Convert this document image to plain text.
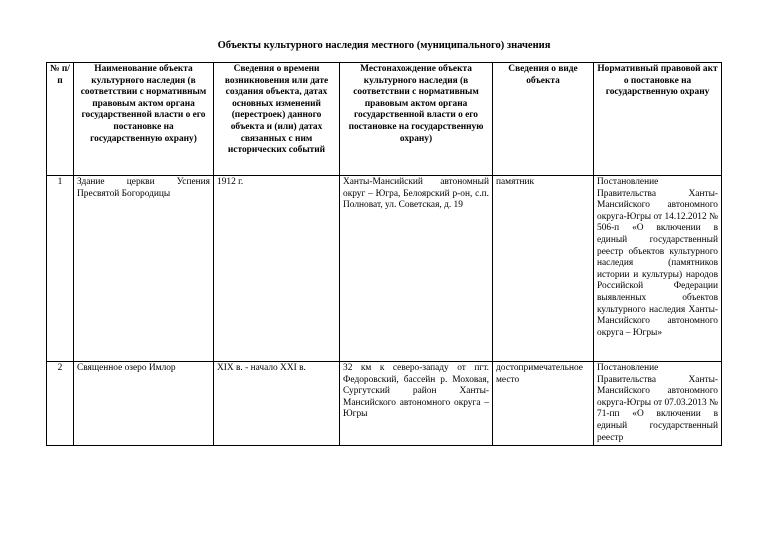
Объекты культурного наследия местного (муниципального) значения
№ п/п	Наименование объекта культурного наследия (в соответствии с нормативным правовым актом органа государственной власти о его постановке на государственную охрану)	Сведения о времени возникновения или дате создания объекта, датах основных изменений (перестроек) данного объекта и (или) датах связанных с ним исторических событий	Местонахождение объекта культурного наследия (в соответствии с нормативным правовым актом органа государственной власти о его постановке на государственную охрану)	Сведения о виде объекта	Нормативный правовой акт о постановке на государственную охрану
1	Здание церкви Успения Пресвятой Богородицы	1912 г.	Ханты-Мансийский автономный округ – Югра, Белоярский р-он, с.п. Полноват, ул. Советская, д. 19	памятник	Постановление Правительства Ханты-Мансийского автономного округа-Югры от 14.12.2012 № 506-п «О включении в единый государственный реестр объектов культурного наследия (памятников истории и культуры) народов Российской Федерации выявленных объектов культурного наследия Ханты-Мансийского автономного округа – Югры»
2	Священное озеро Имлор	XIX в. - начало XXI в.	32 км к северо-западу от пгт. Федоровский, бассейн р. Моховая, Сургутский район Ханты-Мансийского автономного округа – Югры	достопримечательное место	Постановление Правительства Ханты-Мансийского автономного округа-Югры от 07.03.2013 № 71-пп «О включении в единый государственный реестр
